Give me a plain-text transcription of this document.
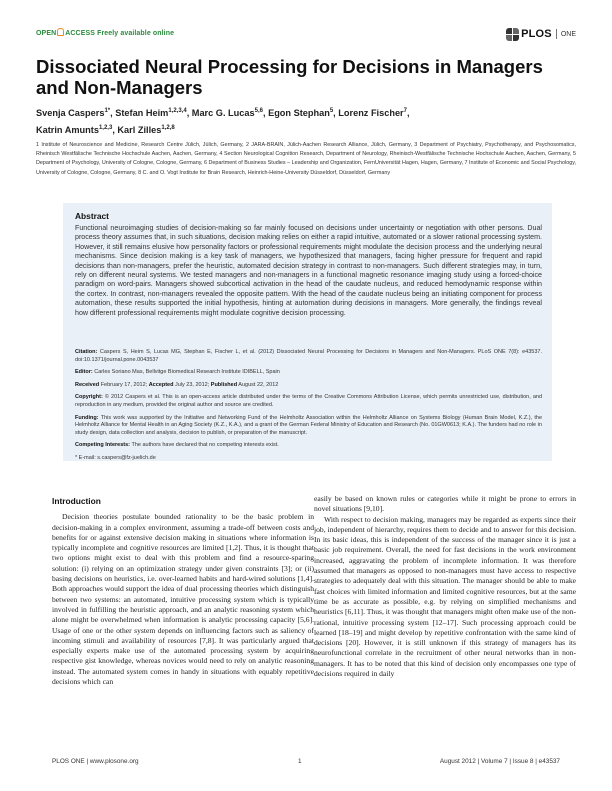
OPEN ACCESS Freely available online	PLOS ONE
Dissociated Neural Processing for Decisions in Managers and Non-Managers
Svenja Caspers$^{1*}$, Stefan Heim$^{1,2,3,4}$, Marc G. Lucas$^{5,6}$, Egon Stephan$^5$, Lorenz Fischer$^7$,
Katrin Amunts$^{1,2,3}$, Karl Zilles$^{1,2,8}$
1 Institute of Neuroscience and Medicine, Research Centre Jülich, Jülich, Germany, 2 JARA-BRAIN, Jülich-Aachen Research Alliance, Jülich, Germany, 3 Department of Psychiatry, Psychotherapy, and Psychosomatics, Rheinisch Westfälische Technische Hochschule Aachen, Aachen, Germany, 4 Section Neurological Cognition Research, Department of Neurology, Rheinisch-Westfälische Technische Hochschule Aachen, Aachen, Germany, 5 Department of Psychology, University of Cologne, Cologne, Germany, 6 Department of Business Studies – Leadership and Organization, FernUniversität Hagen, Hagen, Germany, 7 Institute of Economic and Social Psychology, University of Cologne, Cologne, Germany, 8 C. and O. Vogt Institute for Brain Research, Heinrich-Heine-University Düsseldorf, Düsseldorf, Germany
Abstract
Functional neuroimaging studies of decision-making so far mainly focused on decisions under uncertainty or negotiation with other persons. Dual process theory assumes that, in such situations, decision making relies on either a rapid intuitive, automated or a slower rational processing system. However, it still remains elusive how personality factors or professional requirements might modulate the decision process and the underlying neural mechanisms. Since decision making is a key task of managers, we hypothesized that managers, facing higher pressure for frequent and rapid decisions than non-managers, prefer the heuristic, automated decision strategy in contrast to non-managers. Such different strategies may, in turn, rely on different neural systems. We tested managers and non-managers in a functional magnetic resonance imaging study using a forced-choice paradigm on word-pairs. Managers showed subcortical activation in the head of the caudate nucleus, and reduced hemodynamic response within the cortex. In contrast, non-managers revealed the opposite pattern. With the head of the caudate nucleus being an initiating component for process automation, these results supported the initial hypothesis, hinting at automation during decisions in managers. More generally, the findings reveal how different professional requirements might modulate cognitive decision processing.

Citation: Caspers S, Heim S, Lucas MG, Stephan E, Fischer L, et al. (2012) Dissociated Neural Processing for Decisions in Managers and Non-Managers. PLoS ONE 7(8): e43537. doi:10.1371/journal.pone.0043537

Editor: Carles Soriano Mas, Bellvitge Biomedical Research Institute IDIBELL, Spain

Received February 17, 2012; Accepted July 23, 2012; Published August 22, 2012

Copyright: © 2012 Caspers et al. This is an open-access article distributed under the terms of the Creative Commons Attribution License, which permits unrestricted use, distribution, and reproduction in any medium, provided the original author and source are credited.

Funding: This work was supported by the Initiative and Networking Fund of the Helmholtz Association within the Helmholtz Alliance on Systems Biology (Human Brain Model, K.Z.), the Helmholtz Alliance for Mental Health in an Aging Society (K.Z., K.A.), and a grant of the German Federal Ministry of Education and Research (No. 01GW0613; K.A.). The funders had no role in study design, data collection and analysis, decision to publish, or preparation of the manuscript.

Competing Interests: The authors have declared that no competing interests exist.

* E-mail: s.caspers@fz-juelich.de

Introduction

Decision theories postulate bounded rationality to be the basic problem in decision-making in a complex environment, assuming a trade-off between costs and benefits for or against extensive decision making in situations where information is typically incomplete and cognitive resources are limited [1,2]. Thus, it is thought that two options might exist to deal with this problem and find a resource-sparing solution: (i) relying on an optimization strategy under given constraints [3]; or (ii) basing decisions on heuristics, i.e. over-learned habits and hard-wired solutions [1,4]. Both approaches would support the idea of dual processing theories which distinguish between two systems: an automated, intuitive processing system which is typically involved in fulfilling the heuristic approach, and an analytic reasoning system which alone might be overwhelmed when information is analytic processing capacity [5,6]. Usage of one or the other system depends on influencing factors such as saliency of incoming stimuli and availability of resources [7,8]. It was particularly argued that especially experts make use of the automated processing system by acquiring respective gist knowledge, whereas novices would need to rely on analytic reasoning instead. The automated system comes in handy in situations with equably repetitive decisions which can

easily be based on known rules or categories while it might be prone to errors in novel situations [9,10].

With respect to decision making, managers may be regarded as experts since their job, independent of hierarchy, requires them to decide and to answer for this decision. In its basic ideas, this is independent of the success of the manager since it is just a basic job requirement. Overall, the need for fast decisions in the work environment increased, aggravating the problem of incomplete information. It was therefore assumed that managers as opposed to non-managers must have access to respective strategies to adequately deal with this situation. The manager should be able to make fast choices with limited information and limited cognitive resources, but at the same time be as accurate as possible, e.g. by relying on simplified mechanisms and heuristics [6,11]. Thus, it was thought that managers might often make use of the non-rational, intuitive processing system [12–17]. Such processing approach could be learned [18–19] and might develop by repetitive confrontation with the same kind of decisions [20]. However, it is still unknown if this strategy of managers has its neurofunctional correlate in the recruitment of other neural networks than in non-managers. It has to be noted that this kind of decision only encompasses one type of decisions required in daily

PLOS ONE | www.plosone.org	1	August 2012 | Volume 7 | Issue 8 | e43537
